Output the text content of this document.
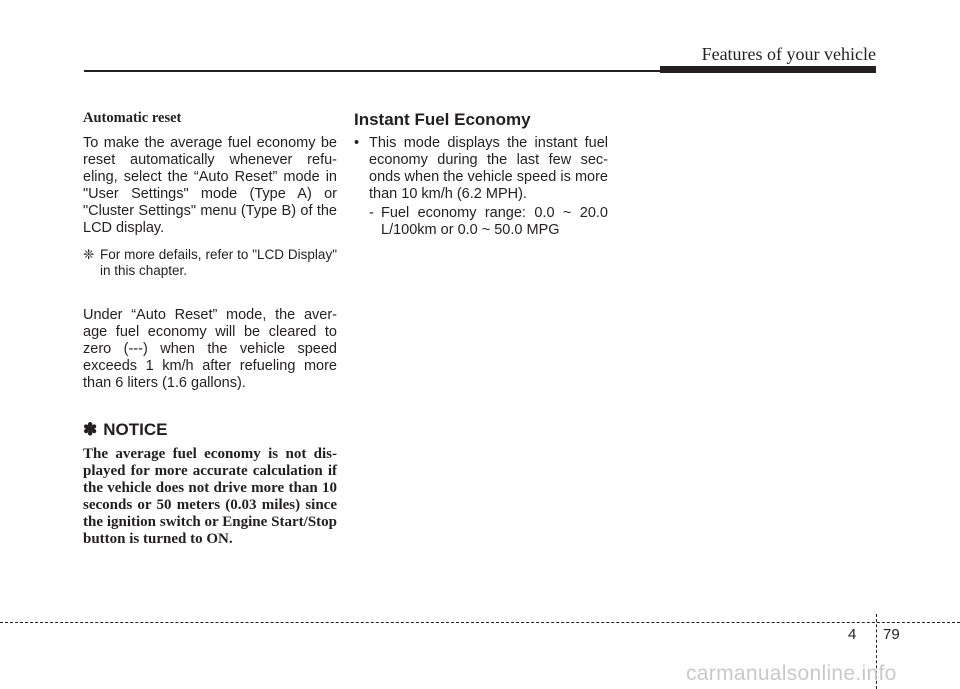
Features of your vehicle

Automatic reset

To make the average fuel economy be reset automatically whenever refu-eling, select the “Auto Reset” mode in "User Settings" mode (Type A) or "Cluster Settings" menu (Type B) of the LCD display.

❈ For more defails, refer to "LCD Display" in this chapter.

Under “Auto Reset” mode, the aver-age fuel economy will be cleared to zero (---) when the vehicle speed exceeds 1 km/h after refueling more than 6 liters (1.6 gallons).

✽ NOTICE

The average fuel economy is not dis-played for more accurate calculation if the vehicle does not drive more than 10 seconds or 50 meters (0.03 miles) since the ignition switch or Engine Start/Stop button is turned to ON.

Instant Fuel Economy

• This mode displays the instant fuel economy during the last few sec-onds when the vehicle speed is more than 10 km/h (6.2 MPH).
- Fuel economy range: 0.0 ~ 20.0 L/100km or 0.0 ~ 50.0 MPG
4 79
carmanualsonline.info
